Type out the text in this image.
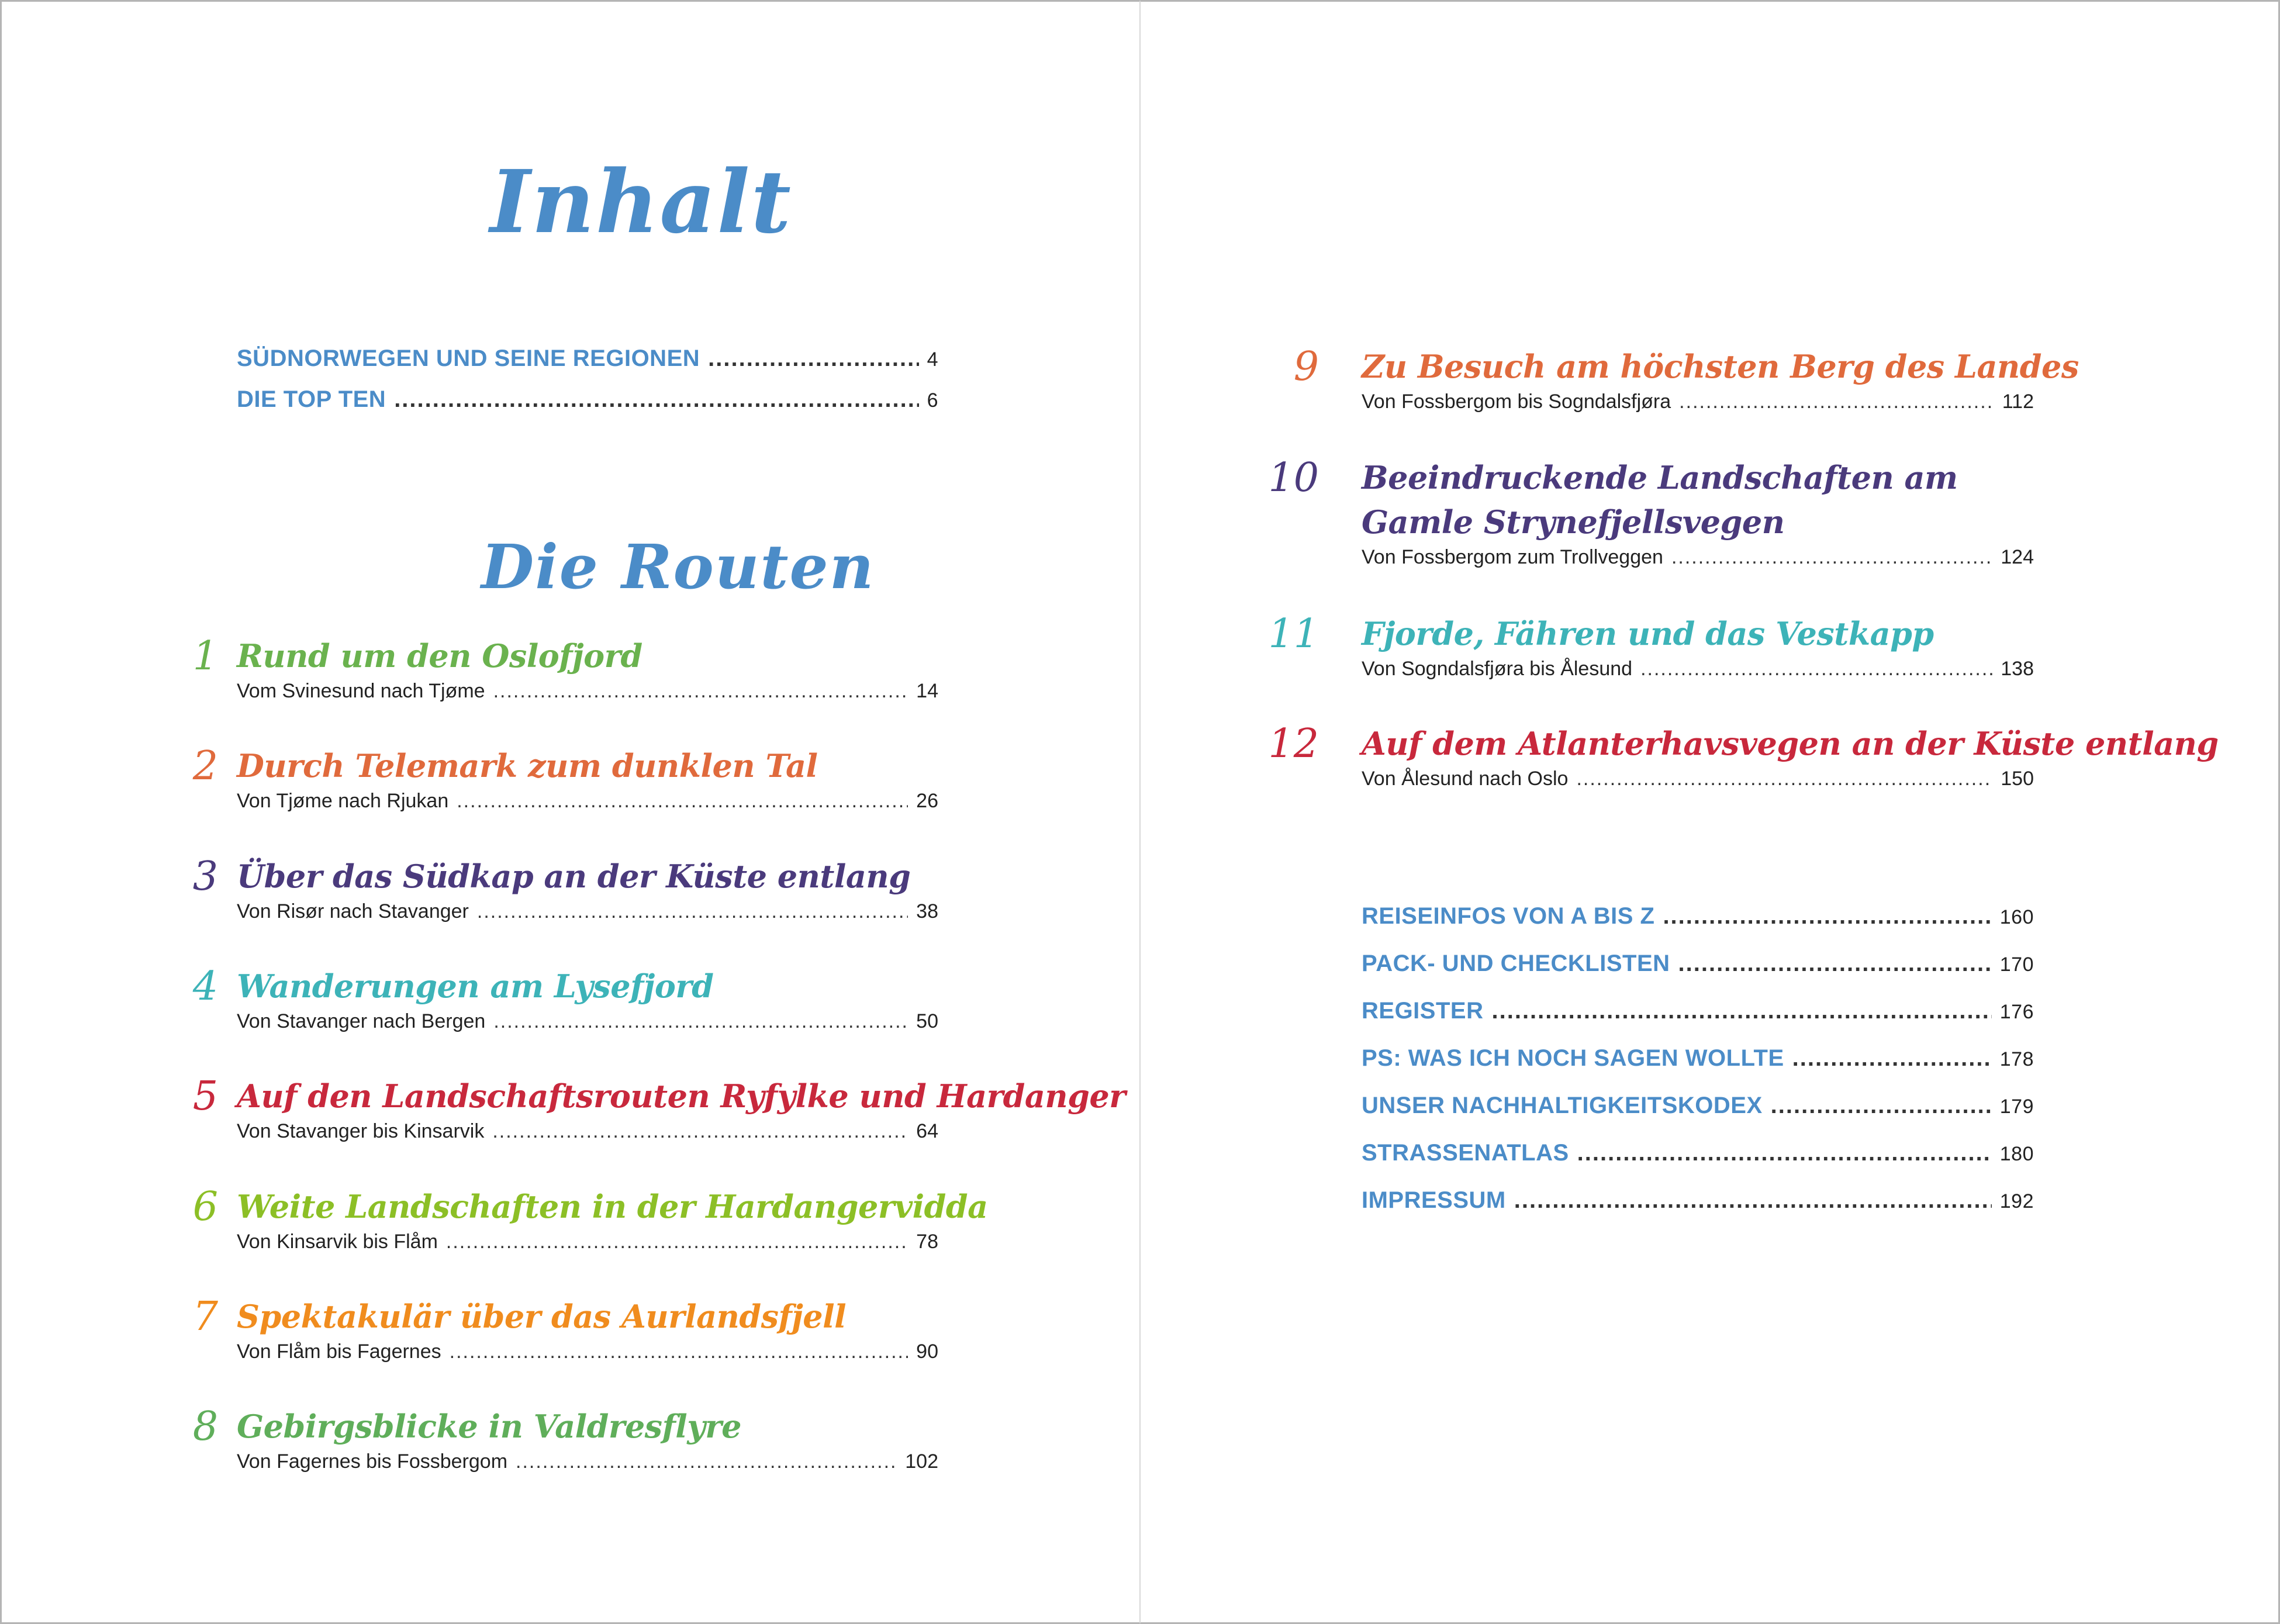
Inhalt
SÜDNORWEGEN UND SEINE REGIONEN .....	4
DIE TOP TEN .....	6
Die Routen
1 Rund um den Oslofjord
Vom Svinesund nach Tjøme .....	14
2 Durch Telemark zum dunklen Tal
Von Tjøme nach Rjukan .....	26
3 Über das Südkap an der Küste entlang
Von Risør nach Stavanger .....	38
4 Wanderungen am Lysefjord
Von Stavanger nach Bergen .....	50
5 Auf den Landschaftsrouten Ryfylke und Hardanger
Von Stavanger bis Kinsarvik .....	64
6 Weite Landschaften in der Hardangervidda
Von Kinsarvik bis Flåm .....	78
7 Spektakulär über das Aurlandsfjell
Von Flåm bis Fagernes .....	90
8 Gebirgsblicke in Valdresflyre
Von Fagernes bis Fossbergom .....	102
9 Zu Besuch am höchsten Berg des Landes
Von Fossbergom bis Sogndalsfjøra .....	112
10 Beeindruckende Landschaften am
Gamle Strynefjellsvegen
Von Fossbergom zum Trollveggen .....	124
11 Fjorde, Fähren und das Vestkapp
Von Sogndalsfjøra bis Ålesund .....	138
12 Auf dem Atlanterhavsvegen an der Küste entlang
Von Ålesund nach Oslo .....	150
REISEINFOS VON A BIS Z .....	160
PACK- UND CHECKLISTEN .....	170
REGISTER .....	176
PS: WAS ICH NOCH SAGEN WOLLTE .....	178
UNSER NACHHALTIGKEITSKODEX .....	179
STRASSENATLAS .....	180
IMPRESSUM .....	192
